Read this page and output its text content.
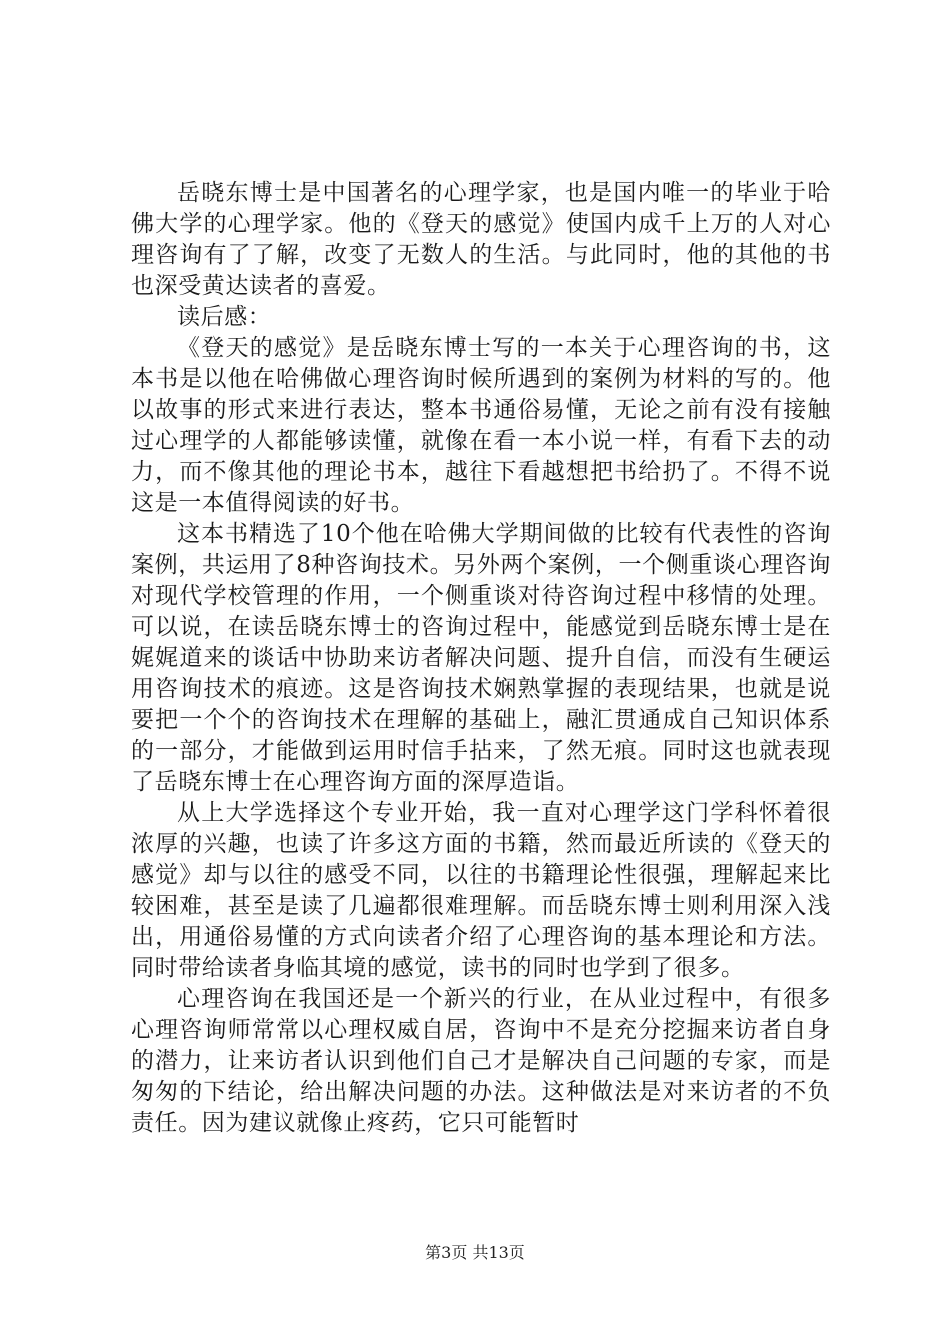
岳晓东博士是中国著名的心理学家，也是国内唯一的毕业于哈佛大学的心理学家。他的《登天的感觉》使国内成千上万的人对心理咨询有了了解，改变了无数人的生活。与此同时，他的其他的书也深受黄达读者的喜爱。

读后感：

《登天的感觉》是岳晓东博士写的一本关于心理咨询的书，这本书是以他在哈佛做心理咨询时候所遇到的案例为材料的写的。他以故事的形式来进行表达，整本书通俗易懂，无论之前有没有接触过心理学的人都能够读懂，就像在看一本小说一样，有看下去的动力，而不像其他的理论书本，越往下看越想把书给扔了。不得不说这是一本值得阅读的好书。

这本书精选了10个他在哈佛大学期间做的比较有代表性的咨询案例，共运用了8种咨询技术。另外两个案例，一个侧重谈心理咨询对现代学校管理的作用，一个侧重谈对待咨询过程中移情的处理。可以说，在读岳晓东博士的咨询过程中，能感觉到岳晓东博士是在娓娓道来的谈话中协助来访者解决问题、提升自信，而没有生硬运用咨询技术的痕迹。这是咨询技术娴熟掌握的表现结果，也就是说要把一个个的咨询技术在理解的基础上，融汇贯通成自己知识体系的一部分，才能做到运用时信手拈来，了然无痕。同时这也就表现了岳晓东博士在心理咨询方面的深厚造诣。

从上大学选择这个专业开始，我一直对心理学这门学科怀着很浓厚的兴趣，也读了许多这方面的书籍，然而最近所读的《登天的感觉》却与以往的感受不同，以往的书籍理论性很强，理解起来比较困难，甚至是读了几遍都很难理解。而岳晓东博士则利用深入浅出，用通俗易懂的方式向读者介绍了心理咨询的基本理论和方法。同时带给读者身临其境的感觉，读书的同时也学到了很多。

心理咨询在我国还是一个新兴的行业，在从业过程中，有很多心理咨询师常常以心理权威自居，咨询中不是充分挖掘来访者自身的潜力，让来访者认识到他们自己才是解决自己问题的专家，而是匆匆的下结论，给出解决问题的办法。这种做法是对来访者的不负责任。因为建议就像止疼药，它只可能暂时

第3页 共13页
